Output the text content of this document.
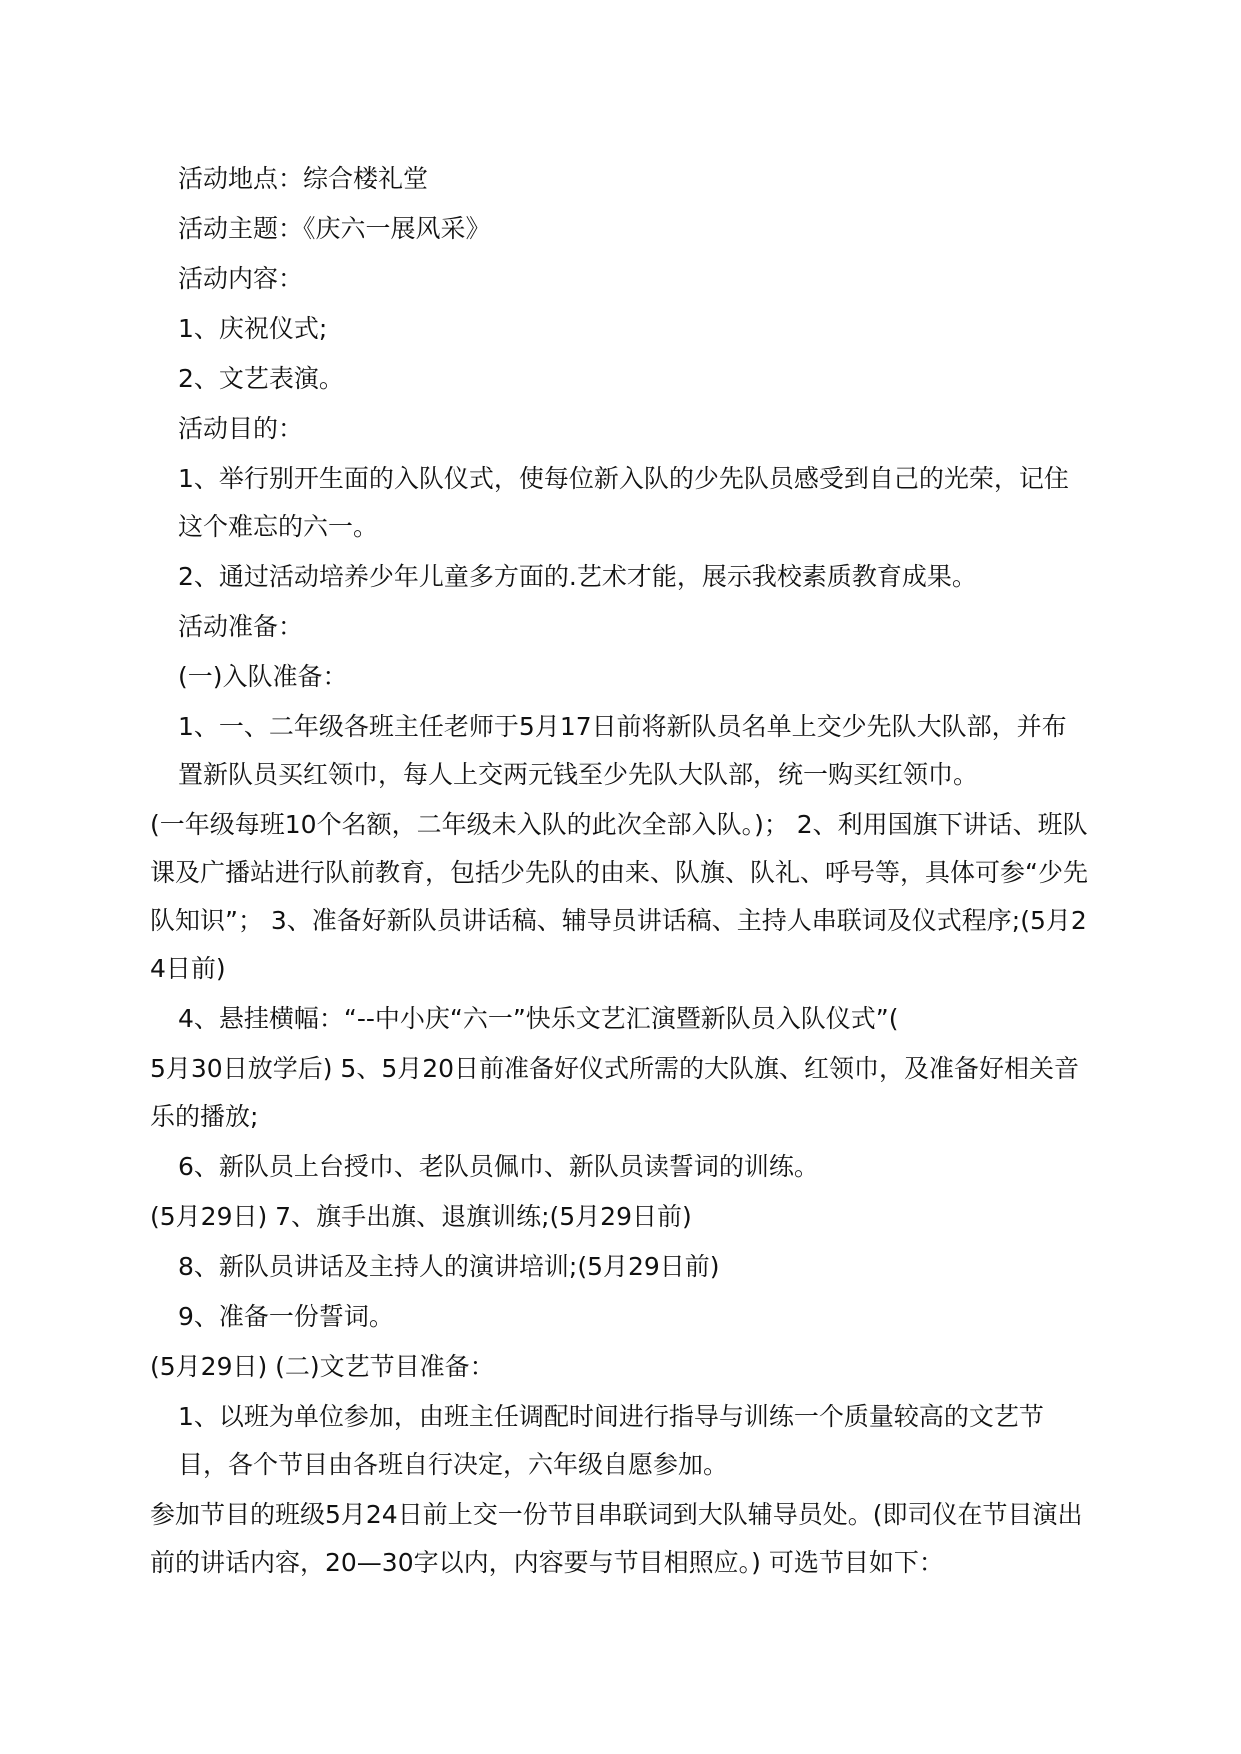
活动地点：综合楼礼堂

活动主题：《庆六一展风采》

活动内容：

1、庆祝仪式;

2、文艺表演。

活动目的：

1、举行别开生面的入队仪式，使每位新入队的少先队员感受到自己的光荣，记住这个难忘的六一。

2、通过活动培养少年儿童多方面的.艺术才能，展示我校素质教育成果。

活动准备：

(一)入队准备：

1、一、二年级各班主任老师于5月17日前将新队员名单上交少先队大队部，并布置新队员买红领巾，每人上交两元钱至少先队大队部，统一购买红领巾。

(一年级每班10个名额，二年级未入队的此次全部入队。)； 2、利用国旗下讲话、班队课及广播站进行队前教育，包括少先队的由来、队旗、队礼、呼号等，具体可参“少先队知识”； 3、准备好新队员讲话稿、辅导员讲话稿、主持人串联词及仪式程序;(5月24日前)

4、悬挂横幅：“--中小庆“六一”快乐文艺汇演暨新队员入队仪式”(

5月30日放学后) 5、5月20日前准备好仪式所需的大队旗、红领巾，及准备好相关音乐的播放;

6、新队员上台授巾、老队员佩巾、新队员读誓词的训练。

(5月29日) 7、旗手出旗、退旗训练;(5月29日前)

8、新队员讲话及主持人的演讲培训;(5月29日前)

9、准备一份誓词。

(5月29日) (二)文艺节目准备：

1、以班为单位参加，由班主任调配时间进行指导与训练一个质量较高的文艺节目，各个节目由各班自行决定，六年级自愿参加。

参加节目的班级5月24日前上交一份节目串联词到大队辅导员处。(即司仪在节目演出前的讲话内容，20—30字以内，内容要与节目相照应。) 可选节目如下：
